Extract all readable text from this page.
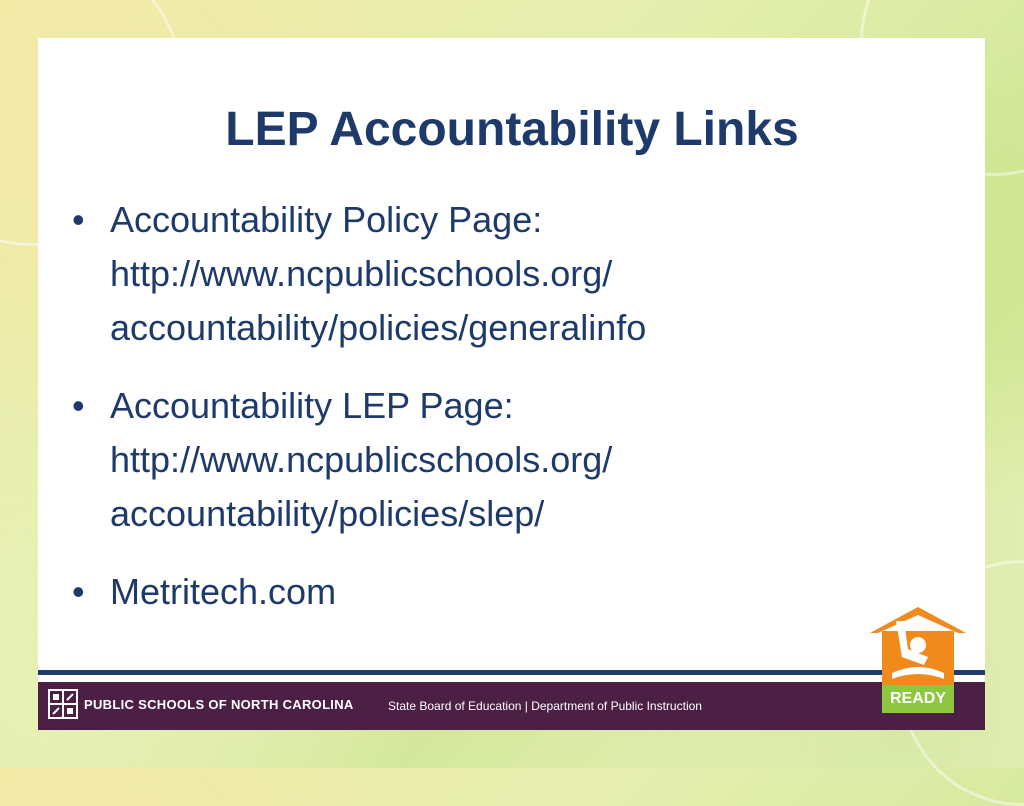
LEP Accountability Links
• Accountability Policy Page:
http://www.ncpublicschools.org/
accountability/policies/generalinfo
• Accountability LEP Page:
http://www.ncpublicschools.org/
accountability/policies/slep/
• Metritech.com
PUBLIC SCHOOLS OF NORTH CAROLINA	State Board of Education | Department of Public Instruction	READY
